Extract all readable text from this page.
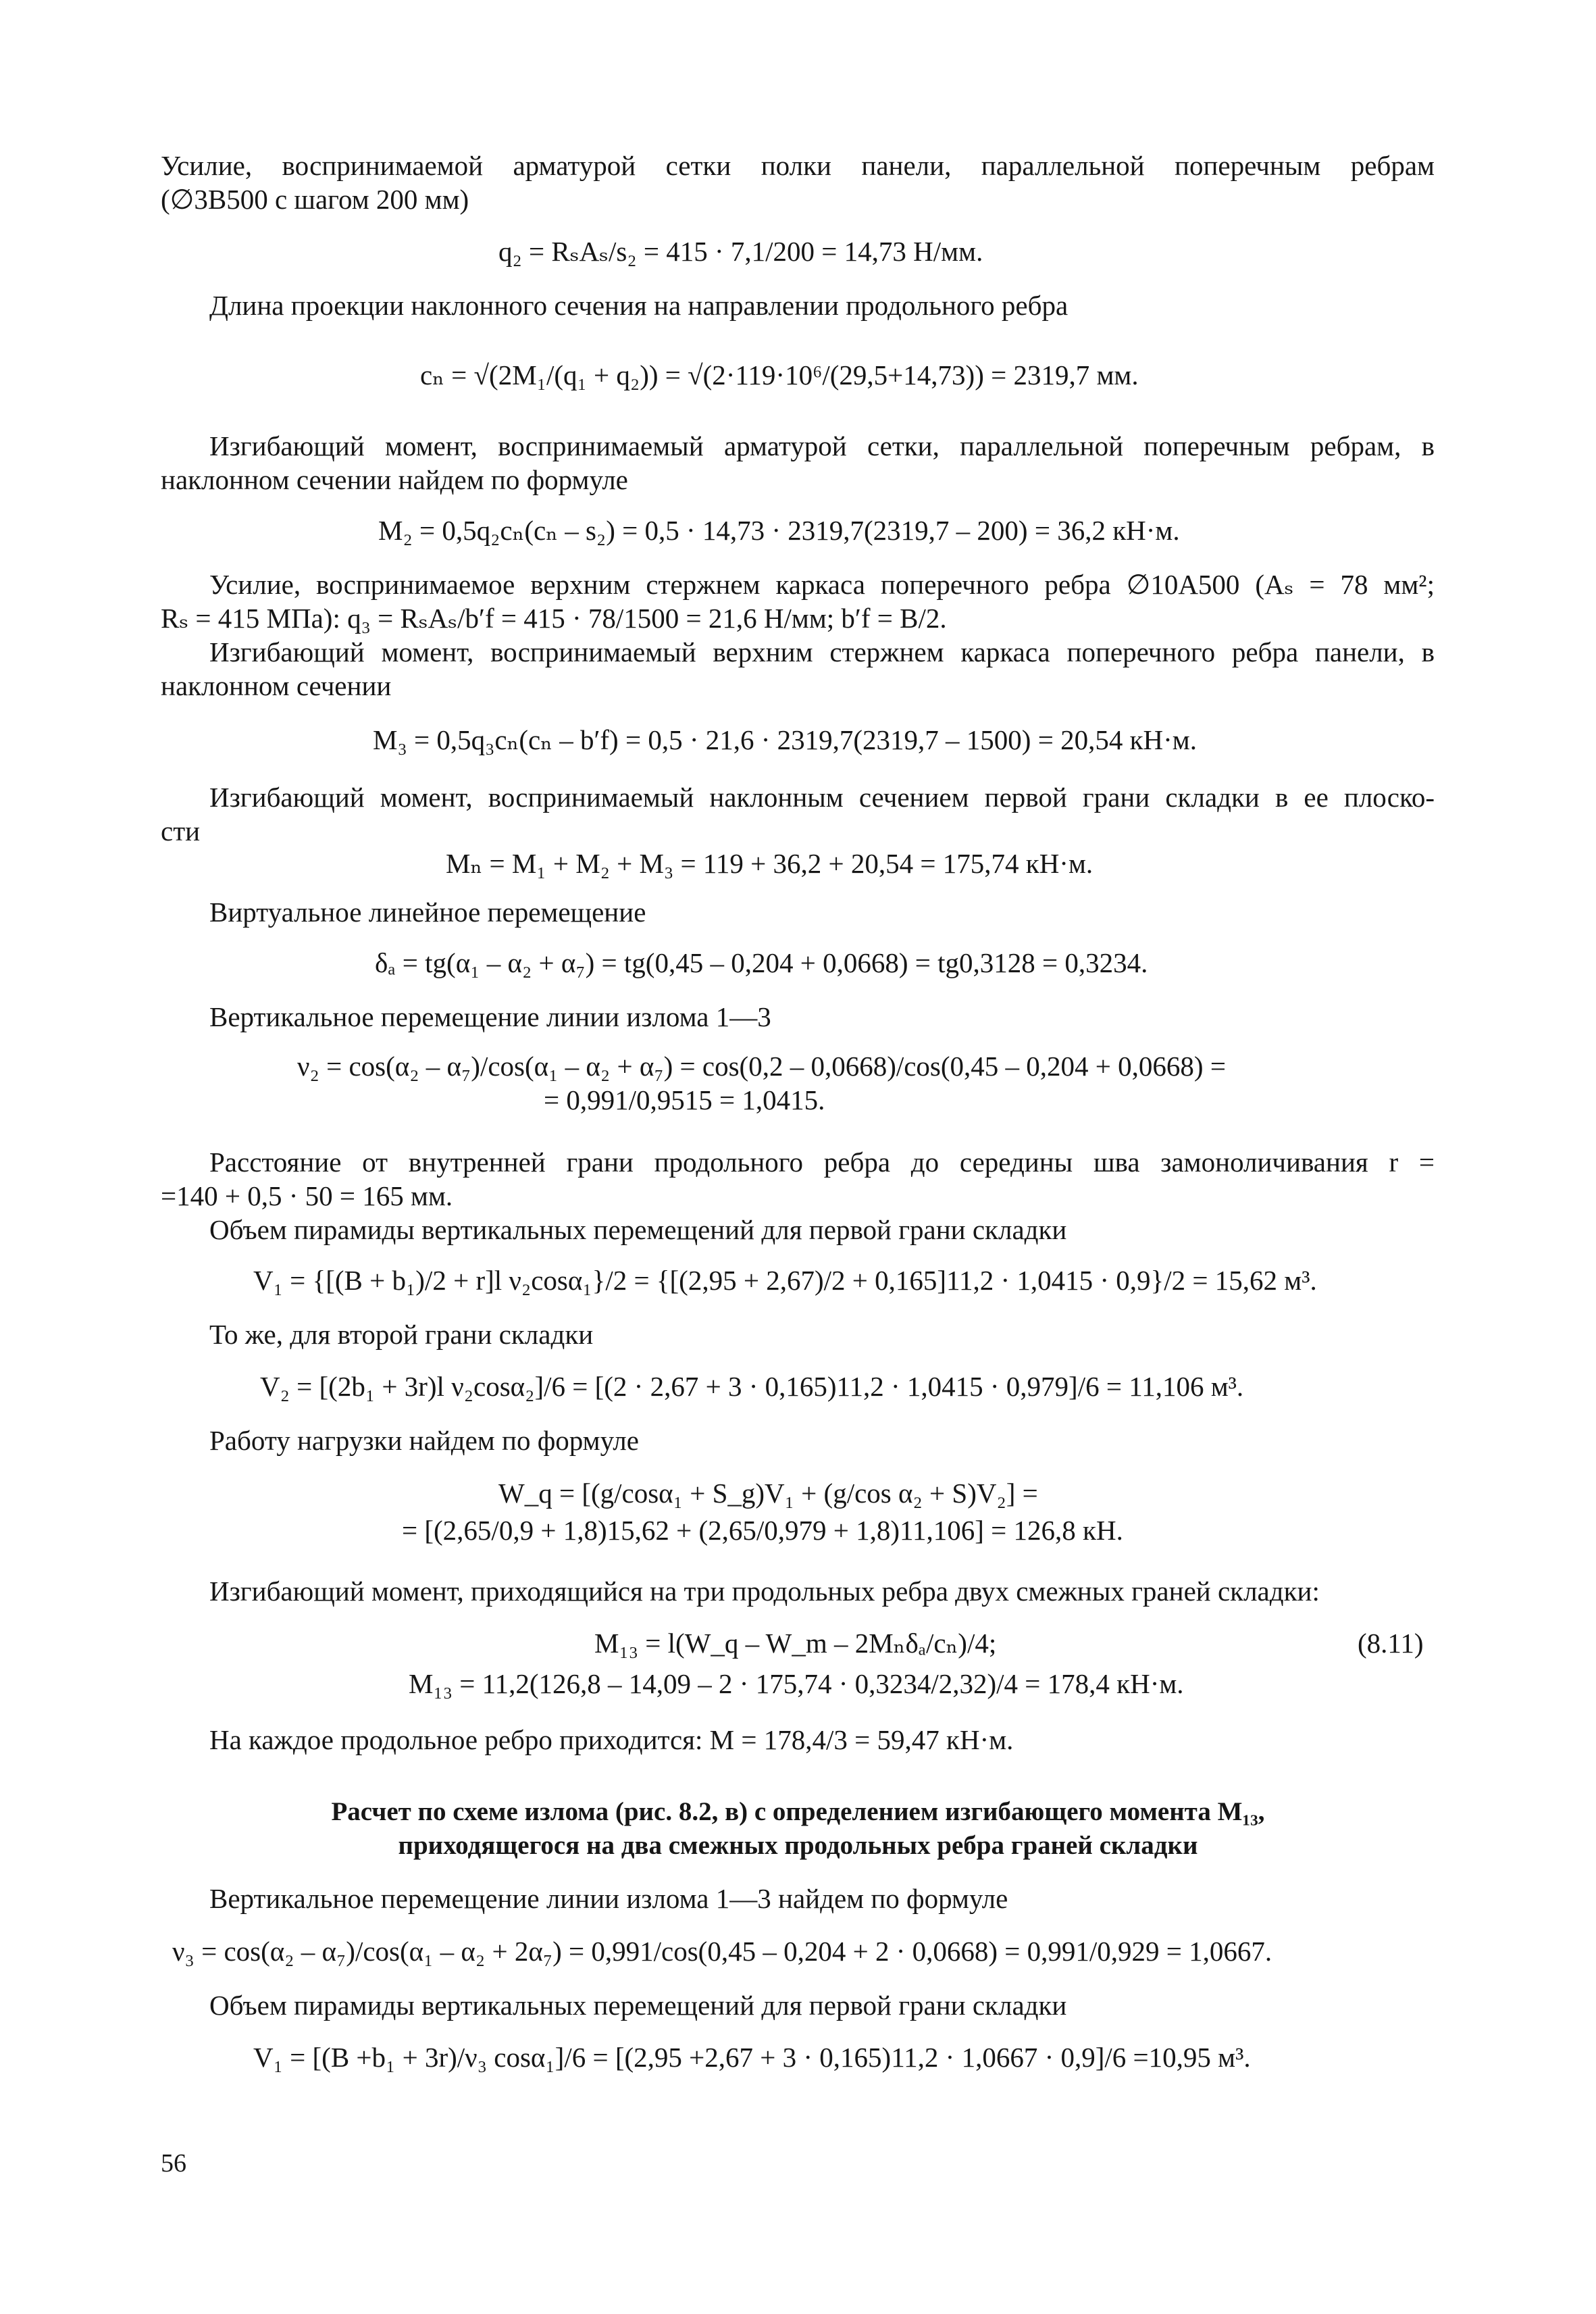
Усилие, воспринимаемой арматурой сетки полки панели, параллельной поперечным ребрам
(∅3В500 с шагом 200 мм)
q₂ = RₛAₛ/s₂ = 415 · 7,1/200 = 14,73 Н/мм.
Длина проекции наклонного сечения на направлении продольного ребра
cₙ = √(2M₁/(q₁ + q₂)) = √(2·119·10⁶/(29,5+14,73)) = 2319,7 мм.
Изгибающий момент, воспринимаемый арматурой сетки, параллельной поперечным ребрам, в
наклонном сечении найдем по формуле
M₂ = 0,5q₂cₙ(cₙ – s₂) = 0,5 · 14,73 · 2319,7(2319,7 – 200) = 36,2 кН·м.
Усилие, воспринимаемое верхним стержнем каркаса поперечного ребра ∅10А500 (Aₛ = 78 мм²;
Rₛ = 415 МПа): q₃ = RₛAₛ/b′f = 415 · 78/1500 = 21,6 Н/мм; b′f = B/2.
Изгибающий момент, воспринимаемый верхним стержнем каркаса поперечного ребра панели, в
наклонном сечении
M₃ = 0,5q₃cₙ(cₙ – b′f) = 0,5 · 21,6 · 2319,7(2319,7 – 1500) = 20,54 кН·м.
Изгибающий момент, воспринимаемый наклонным сечением первой грани складки в ее плоско-
сти
Mₙ = M₁ + M₂ + M₃ = 119 + 36,2 + 20,54 = 175,74 кН·м.
Виртуальное линейное перемещение
δₐ = tg(α₁ – α₂ + α₇) = tg(0,45 – 0,204 + 0,0668) = tg0,3128 = 0,3234.
Вертикальное перемещение линии излома 1—3
ν₂ = cos(α₂ – α₇)/cos(α₁ – α₂ + α₇) = cos(0,2 – 0,0668)/cos(0,45 – 0,204 + 0,0668) =
= 0,991/0,9515 = 1,0415.
Расстояние от внутренней грани продольного ребра до середины шва замоноличивания r =
=140 + 0,5 · 50 = 165 мм.
Объем пирамиды вертикальных перемещений для первой грани складки
V₁ = {[(B + b₁)/2 + r]l ν₂cosα₁}/2 = {[(2,95 + 2,67)/2 + 0,165]11,2 · 1,0415 · 0,9}/2 = 15,62 м³.
То же, для второй грани складки
V₂ = [(2b₁ + 3r)l ν₂cosα₂]/6 = [(2 · 2,67 + 3 · 0,165)11,2 · 1,0415 · 0,979]/6 = 11,106 м³.
Работу нагрузки найдем по формуле
W_q = [(g/cosα₁ + S_g)V₁ + (g/cos α₂ + S)V₂] =
= [(2,65/0,9 + 1,8)15,62 + (2,65/0,979 + 1,8)11,106] = 126,8 кН.
Изгибающий момент, приходящийся на три продольных ребра двух смежных граней складки:
M₁₃ = l(W_q – W_m – 2Mₙδₐ/cₙ)/4;	(8.11)
M₁₃ = 11,2(126,8 – 14,09 – 2 · 175,74 · 0,3234/2,32)/4 = 178,4 кН·м.
На каждое продольное ребро приходится: M = 178,4/3 = 59,47 кН·м.
Расчет по схеме излома (рис. 8.2, в) с определением изгибающего момента M₁₃,
приходящегося на два смежных продольных ребра граней складки
Вертикальное перемещение линии излома 1—3 найдем по формуле
ν₃ = cos(α₂ – α₇)/cos(α₁ – α₂ + 2α₇) = 0,991/cos(0,45 – 0,204 + 2 · 0,0668) = 0,991/0,929 = 1,0667.
Объем пирамиды вертикальных перемещений для первой грани складки
V₁ = [(B +b₁ + 3r)/ν₃ cosα₁]/6 = [(2,95 +2,67 + 3 · 0,165)11,2 · 1,0667 · 0,9]/6 =10,95 м³.
56
